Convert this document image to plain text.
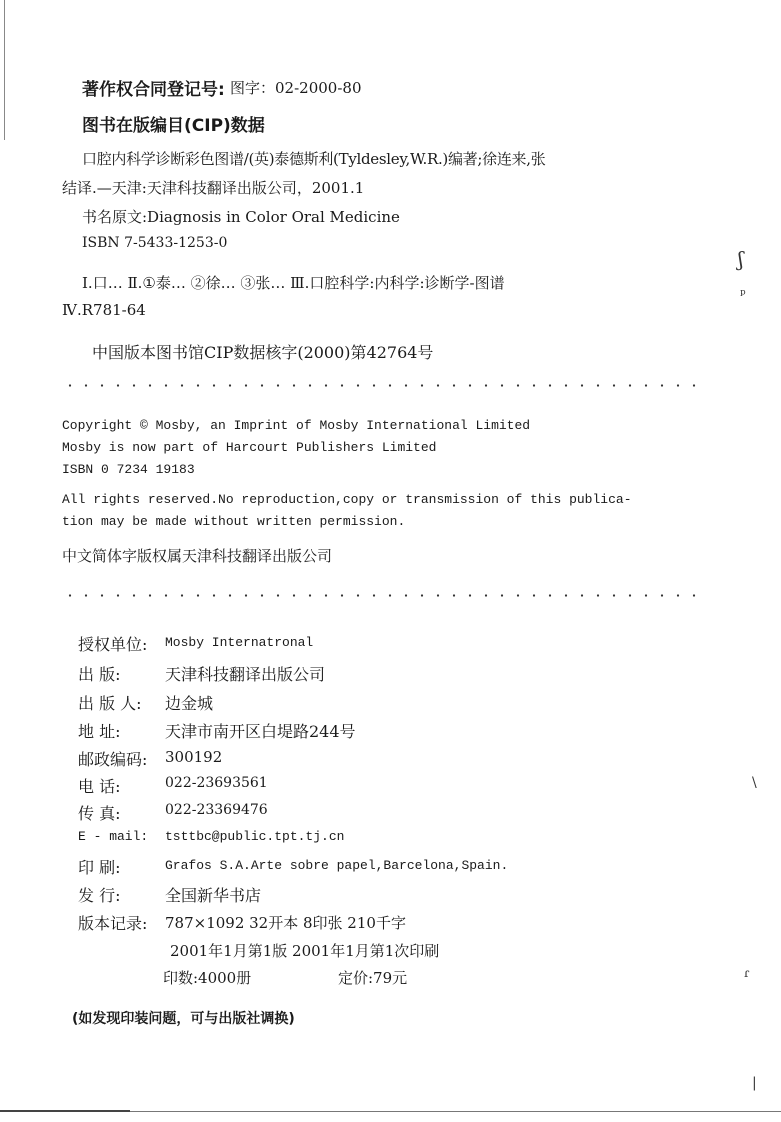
著作权合同登记号: 图字：02-2000-80
图书在版编目(CIP)数据
口腔内科学诊断彩色图谱/(英)泰德斯利(Tyldesley,W.R.)编著;徐连来,张
结译.—天津:天津科技翻译出版公司，2001.1
书名原文:Diagnosis in Color Oral Medicine
ISBN 7-5433-1253-0
Ⅰ.口… Ⅱ.①泰… ②徐… ③张… Ⅲ.口腔科学:内科学:诊断学-图谱
Ⅳ.R781-64
中国版本图书馆CIP数据核字(2000)第42764号
Copyright © Mosby, an Imprint of Mosby International Limited
Mosby is now part of Harcourt Publishers Limited
ISBN 0 7234 19183
All rights reserved.No reproduction,copy or transmission of this publica-
tion may be made without written permission.
中文简体字版权属天津科技翻译出版公司
授权单位: Mosby Internatronal
出 版:	天津科技翻译出版公司
出 版 人: 边金城
地 址:	天津市南开区白堤路244号
邮政编码: 300192
电 话:	022-23693561
传 真:	022-23369476
E - mail: tsttbc@public.tpt.tj.cn
印 刷:	Grafos S.A.Arte sobre papel,Barcelona,Spain.
发 行:	全国新华书店
版本记录: 787×1092 32开本 8印张 210千字
2001年1月第1版 2001年1月第1次印刷
印数:4000册	定价:79元
(如发现印装问题，可与出版社调换)
ʃ
ᵖ
\
ɾ
|
